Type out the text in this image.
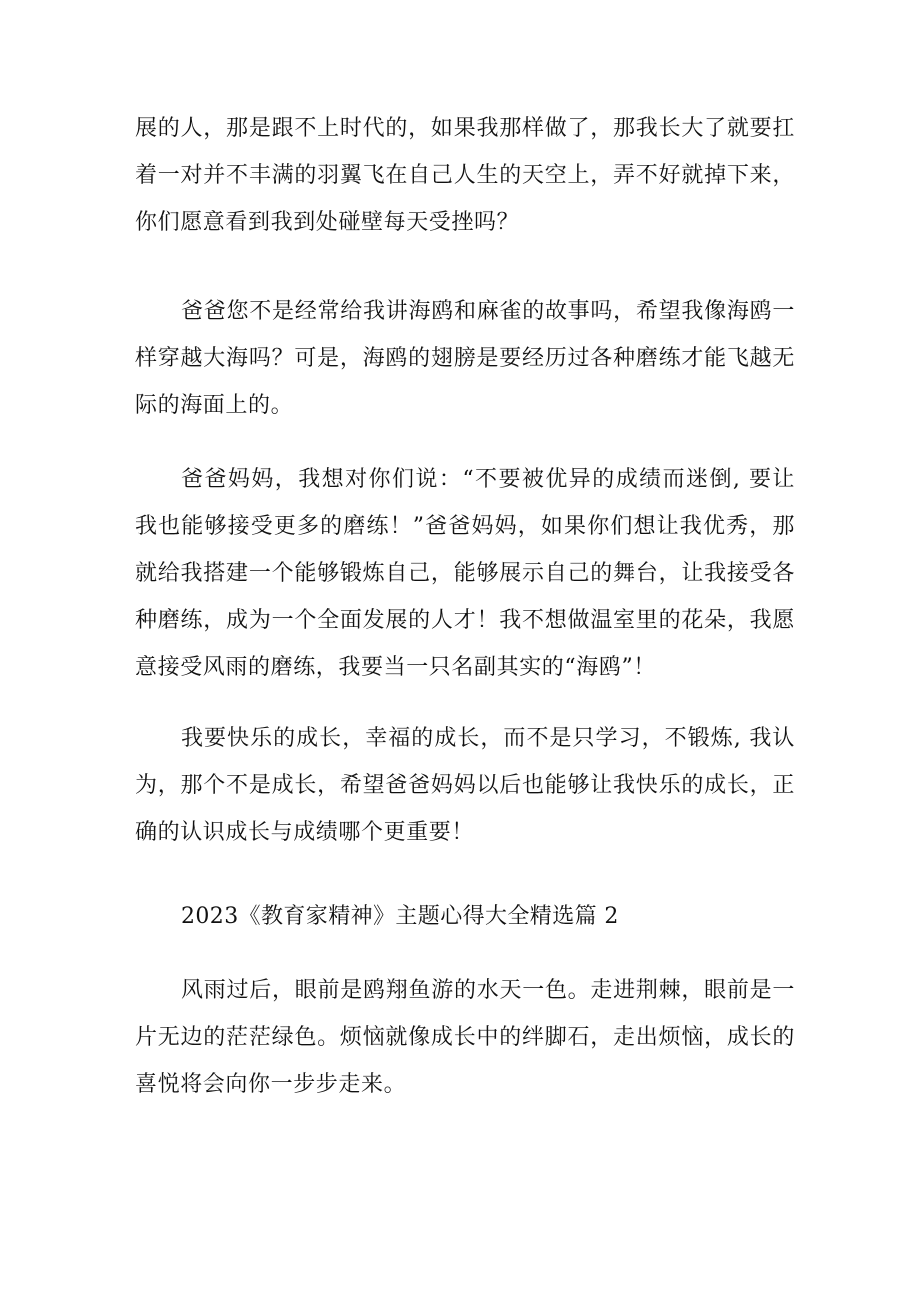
展的人，那是跟不上时代的，如果我那样做了，那我长大了就要扛着一对并不丰满的羽翼飞在自己人生的天空上，弄不好就掉下来，你们愿意看到我到处碰壁每天受挫吗？

爸爸您不是经常给我讲海鸥和麻雀的故事吗，希望我像海鸥一样穿越大海吗？可是，海鸥的翅膀是要经历过各种磨练才能飞越无际的海面上的。

爸爸妈妈，我想对你们说：“不要被优异的成绩而迷倒, 要让我也能够接受更多的磨练！”爸爸妈妈，如果你们想让我优秀，那就给我搭建一个能够锻炼自己，能够展示自己的舞台，让我接受各种磨练，成为一个全面发展的人才！我不想做温室里的花朵，我愿意接受风雨的磨练，我要当一只名副其实的“海鸥”！

我要快乐的成长，幸福的成长，而不是只学习，不锻炼, 我认为，那个不是成长，希望爸爸妈妈以后也能够让我快乐的成长，正确的认识成长与成绩哪个更重要！

2023《教育家精神》主题心得大全精选篇 2

风雨过后，眼前是鸥翔鱼游的水天一色。走进荆棘，眼前是一片无边的茫茫绿色。烦恼就像成长中的绊脚石，走出烦恼，成长的喜悦将会向你一步步走来。
